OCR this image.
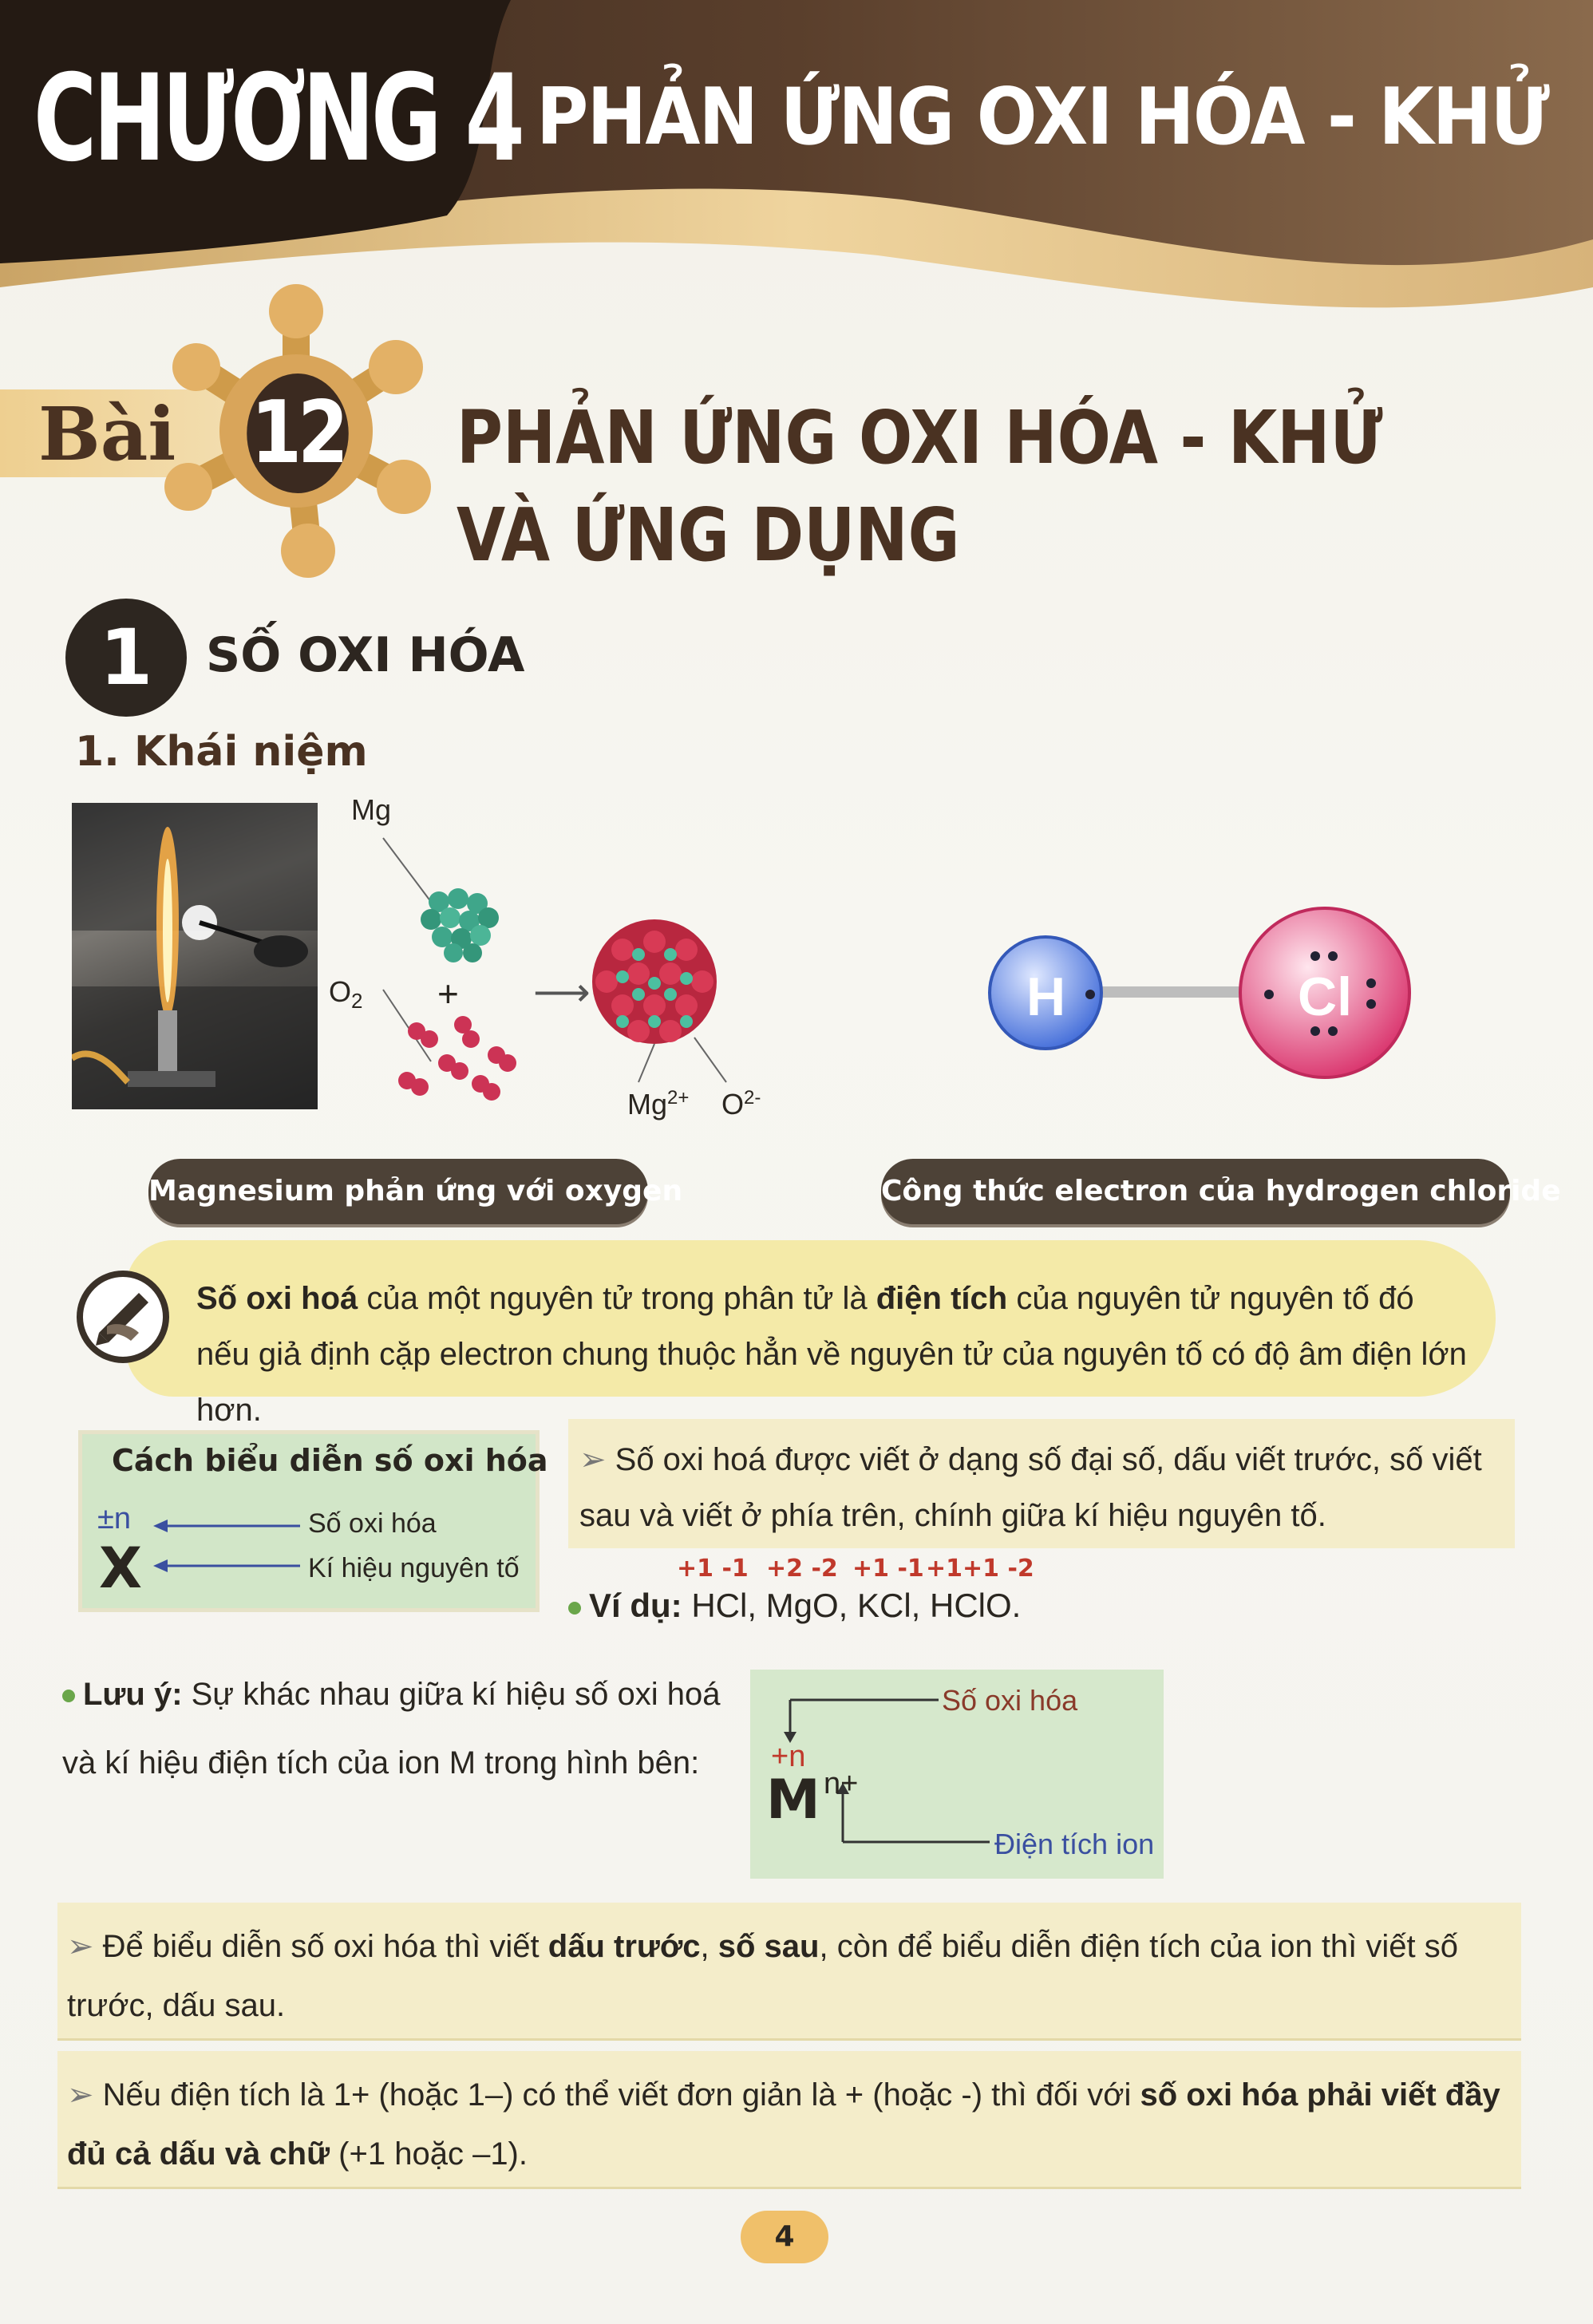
CHƯƠNG 4 PHẢN ỨNG OXI HÓA - KHỬ
Bài 12 PHẢN ỨNG OXI HÓA - KHỬ
VÀ ỨNG DỤNG
1	SỐ OXI HÓA
1. Khái niệm
Mg
$O_2$ + ⟶
$Mg^{2+}$ $O^{2-}$
H	Cl
Magnesium phản ứng với oxygen	Công thức electron của hydrogen chloride
Số oxi hoá của một nguyên tử trong phân tử là điện tích của nguyên tử nguyên tố đó nếu giả định cặp electron chung thuộc hẳn về nguyên tử của nguyên tố có độ âm điện lớn hơn.
Cách biểu diễn số oxi hóa
±n
X
Số oxi hóa
Kí hiệu nguyên tố
➢ Số oxi hoá được viết ở dạng số đại số, dấu viết trước, số viết sau và viết ở phía trên, chính giữa kí hiệu nguyên tố.
+1 -1 +2 -2 +1 -1 +1+1 -2
Ví dụ: HCl, MgO, KCl, HClO.
Lưu ý: Sự khác nhau giữa kí hiệu số oxi hoá và kí hiệu điện tích của ion M trong hình bên:
Số oxi hóa
Điện tích ion
+n
M n+
➢ Để biểu diễn số oxi hóa thì viết dấu trước, số sau, còn để biểu diễn điện tích của ion thì viết số trước, dấu sau.
➢ Nếu điện tích là 1+ (hoặc 1–) có thể viết đơn giản là + (hoặc -) thì đối với số oxi hóa phải viết đầy đủ cả dấu và chữ (+1 hoặc –1).
4
